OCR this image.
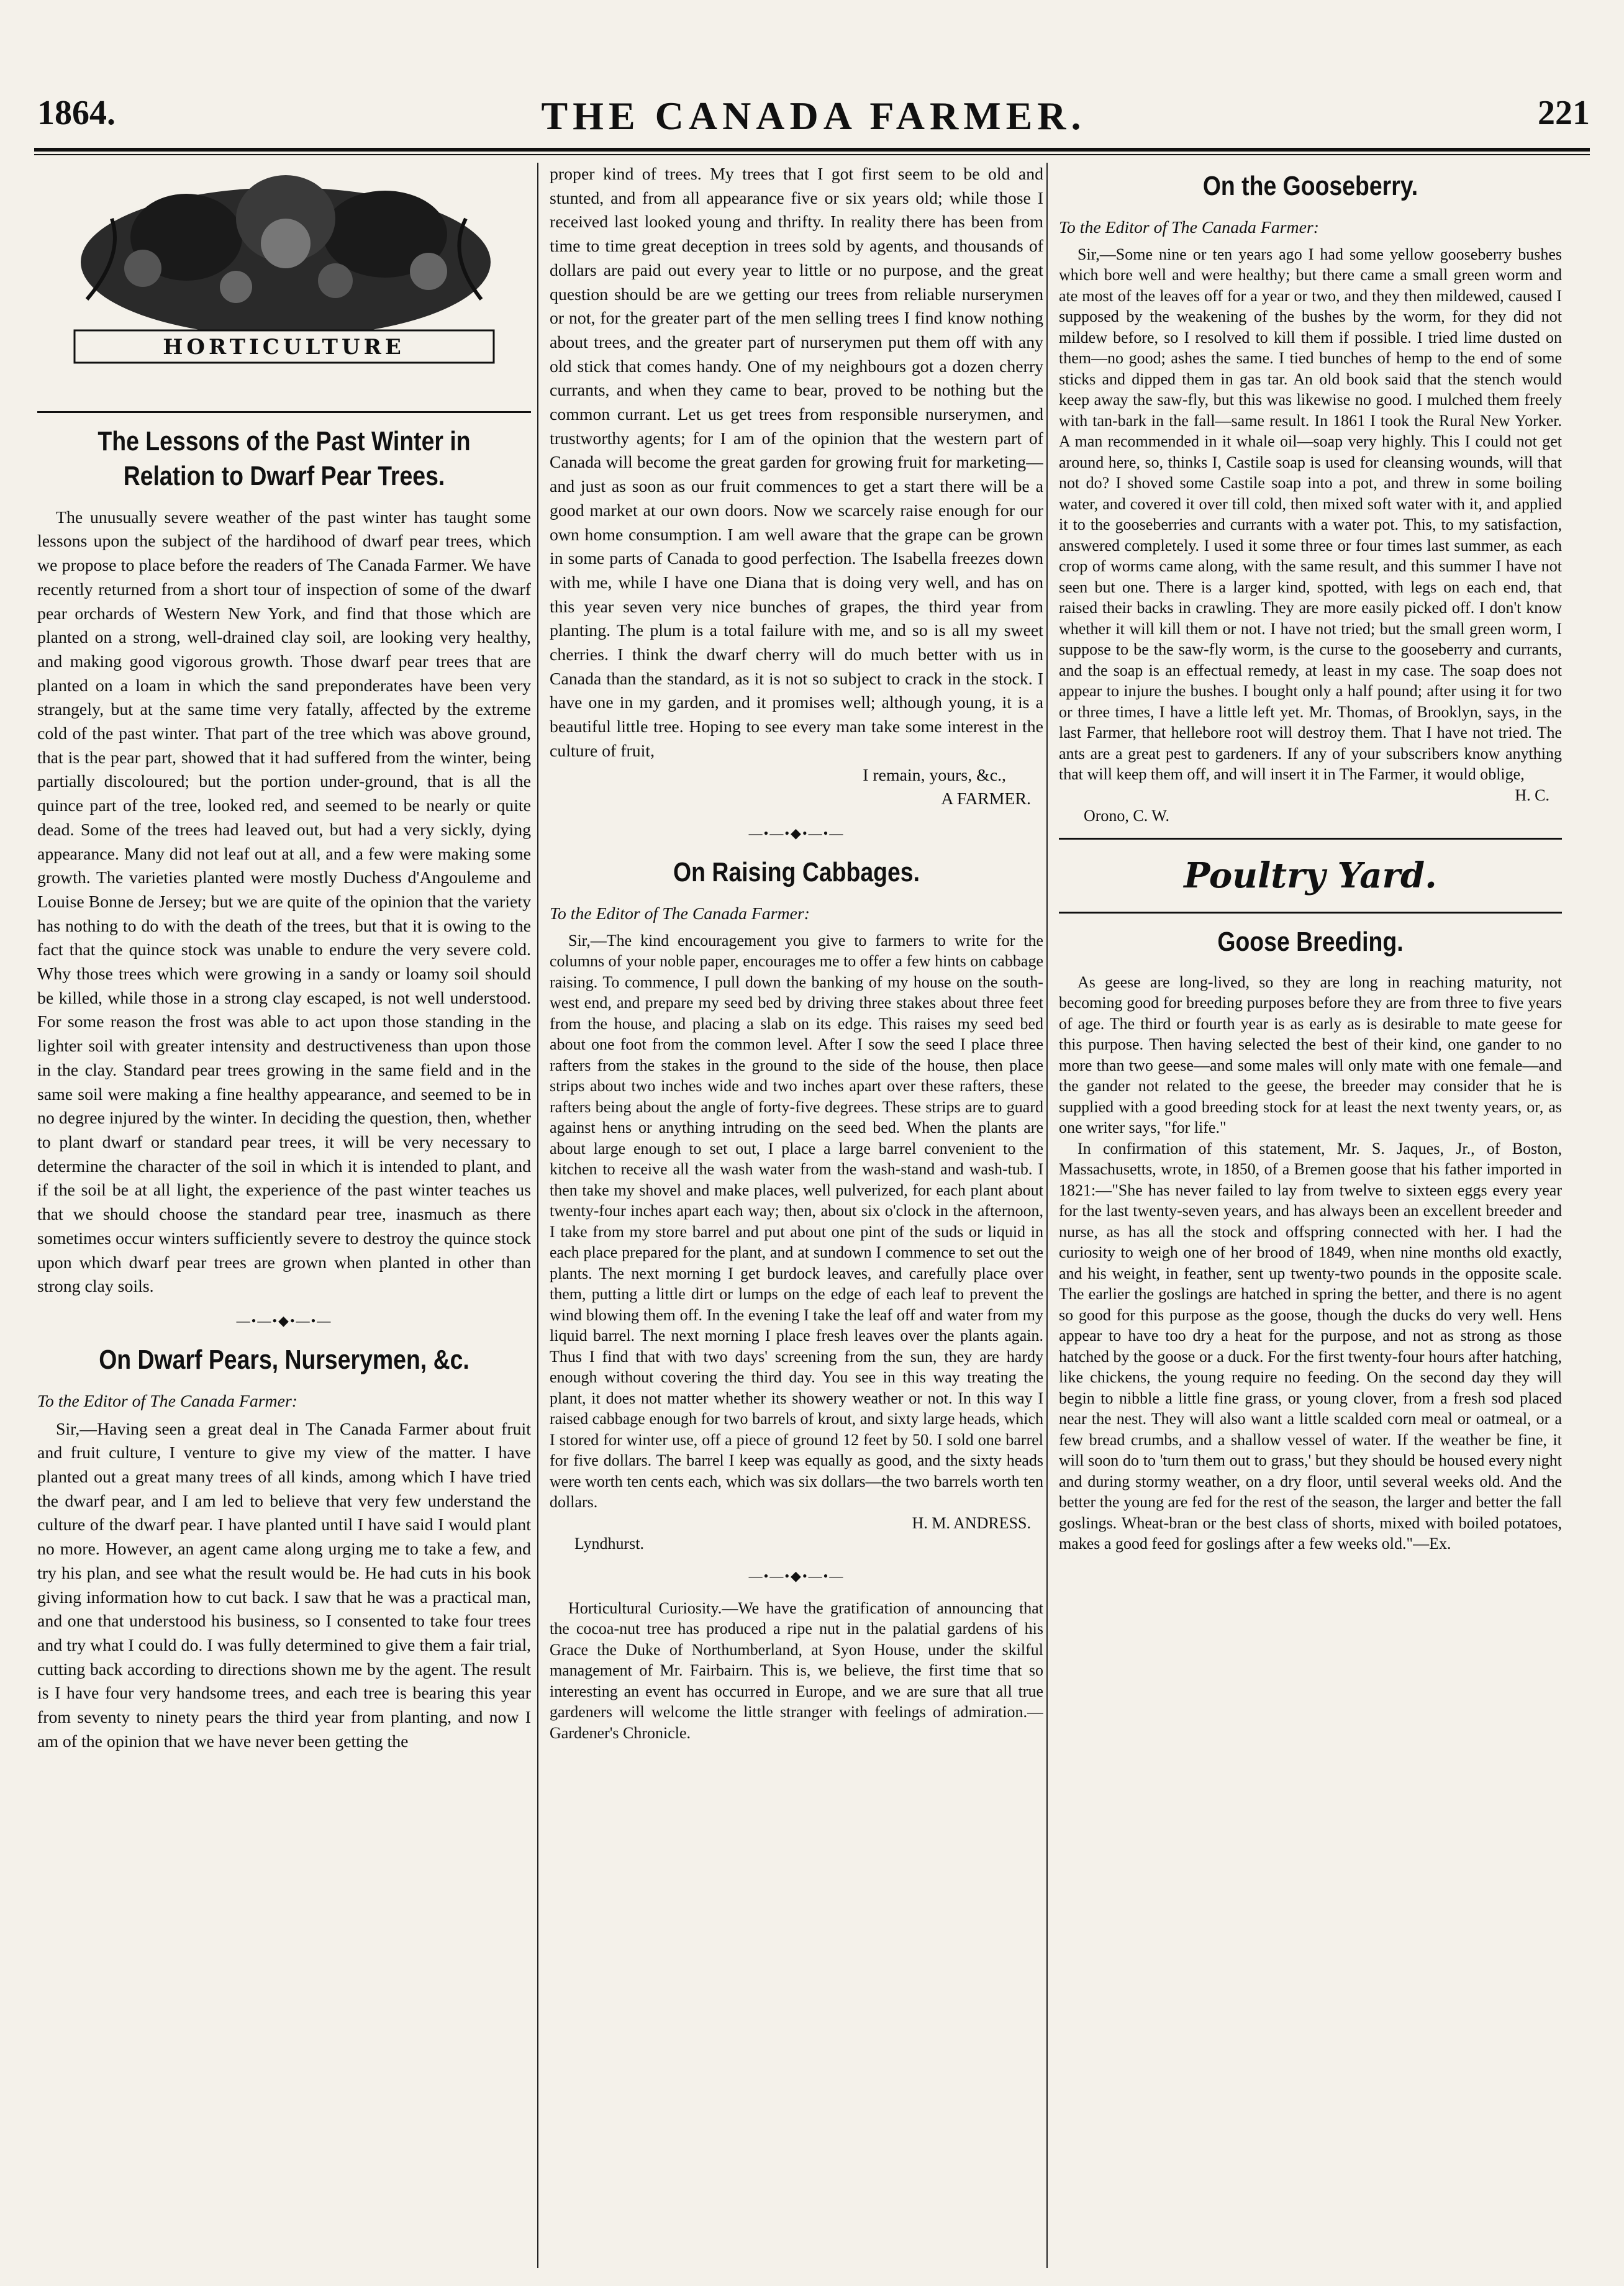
1864.	THE CANADA FARMER.	221
HORTICULTURE
The Lessons of the Past Winter in Relation to Dwarf Pear Trees.

The unusually severe weather of the past winter has taught some lessons upon the subject of the hardihood of dwarf pear trees, which we propose to place before the readers of The Canada Farmer. We have recently returned from a short tour of inspection of some of the dwarf pear orchards of Western New York, and find that those which are planted on a strong, well-drained clay soil, are looking very healthy, and making good vigorous growth. Those dwarf pear trees that are planted on a loam in which the sand preponderates have been very strangely, but at the same time very fatally, affected by the extreme cold of the past winter. That part of the tree which was above ground, that is the pear part, showed that it had suffered from the winter, being partially discoloured; but the portion under-ground, that is all the quince part of the tree, looked red, and seemed to be nearly or quite dead. Some of the trees had leaved out, but had a very sickly, dying appearance. Many did not leaf out at all, and a few were making some growth. The varieties planted were mostly Duchess d'Angouleme and Louise Bonne de Jersey; but we are quite of the opinion that the variety has nothing to do with the death of the trees, but that it is owing to the fact that the quince stock was unable to endure the very severe cold. Why those trees which were growing in a sandy or loamy soil should be killed, while those in a strong clay escaped, is not well understood. For some reason the frost was able to act upon those standing in the lighter soil with greater intensity and destructiveness than upon those in the clay. Standard pear trees growing in the same field and in the same soil were making a fine healthy appearance, and seemed to be in no degree injured by the winter. In deciding the question, then, whether to plant dwarf or standard pear trees, it will be very necessary to determine the character of the soil in which it is intended to plant, and if the soil be at all light, the experience of the past winter teaches us that we should choose the standard pear tree, inasmuch as there sometimes occur winters sufficiently severe to destroy the quince stock upon which dwarf pear trees are grown when planted in other than strong clay soils.

—•—•◆•—•—
On Dwarf Pears, Nurserymen, &c.

To the Editor of The Canada Farmer:

Sir,—Having seen a great deal in The Canada Farmer about fruit and fruit culture, I venture to give my view of the matter. I have planted out a great many trees of all kinds, among which I have tried the dwarf pear, and I am led to believe that very few understand the culture of the dwarf pear. I have planted until I have said I would plant no more. However, an agent came along urging me to take a few, and try his plan, and see what the result would be. He had cuts in his book giving information how to cut back. I saw that he was a practical man, and one that understood his business, so I consented to take four trees and try what I could do. I was fully determined to give them a fair trial, cutting back according to directions shown me by the agent. The result is I have four very handsome trees, and each tree is bearing this year from seventy to ninety pears the third year from planting, and now I am of the opinion that we have never been getting the

proper kind of trees. My trees that I got first seem to be old and stunted, and from all appearance five or six years old; while those I received last looked young and thrifty. In reality there has been from time to time great deception in trees sold by agents, and thousands of dollars are paid out every year to little or no purpose, and the great question should be are we getting our trees from reliable nurserymen or not, for the greater part of the men selling trees I find know nothing about trees, and the greater part of nurserymen put them off with any old stick that comes handy. One of my neighbours got a dozen cherry currants, and when they came to bear, proved to be nothing but the common currant. Let us get trees from responsible nurserymen, and trustworthy agents; for I am of the opinion that the western part of Canada will become the great garden for growing fruit for marketing—and just as soon as our fruit commences to get a start there will be a good market at our own doors. Now we scarcely raise enough for our own home consumption. I am well aware that the grape can be grown in some parts of Canada to good perfection. The Isabella freezes down with me, while I have one Diana that is doing very well, and has on this year seven very nice bunches of grapes, the third year from planting. The plum is a total failure with me, and so is all my sweet cherries. I think the dwarf cherry will do much better with us in Canada than the standard, as it is not so subject to crack in the stock. I have one in my garden, and it promises well; although young, it is a beautiful little tree. Hoping to see every man take some interest in the culture of fruit,

I remain, yours, &c.,

A FARMER.

—•—•◆•—•—
On Raising Cabbages.

To the Editor of The Canada Farmer:

Sir,—The kind encouragement you give to farmers to write for the columns of your noble paper, encourages me to offer a few hints on cabbage raising. To commence, I pull down the banking of my house on the south-west end, and prepare my seed bed by driving three stakes about three feet from the house, and placing a slab on its edge. This raises my seed bed about one foot from the common level. After I sow the seed I place three rafters from the stakes in the ground to the side of the house, then place strips about two inches wide and two inches apart over these rafters, these rafters being about the angle of forty-five degrees. These strips are to guard against hens or anything intruding on the seed bed. When the plants are about large enough to set out, I place a large barrel convenient to the kitchen to receive all the wash water from the wash-stand and wash-tub. I then take my shovel and make places, well pulverized, for each plant about twenty-four inches apart each way; then, about six o'clock in the afternoon, I take from my store barrel and put about one pint of the suds or liquid in each place prepared for the plant, and at sundown I commence to set out the plants. The next morning I get burdock leaves, and carefully place over them, putting a little dirt or lumps on the edge of each leaf to prevent the wind blowing them off. In the evening I take the leaf off and water from my liquid barrel. The next morning I place fresh leaves over the plants again. Thus I find that with two days' screening from the sun, they are hardy enough without covering the third day. You see in this way treating the plant, it does not matter whether its showery weather or not. In this way I raised cabbage enough for two barrels of krout, and sixty large heads, which I stored for winter use, off a piece of ground 12 feet by 50. I sold one barrel for five dollars. The barrel I keep was equally as good, and the sixty heads were worth ten cents each, which was six dollars—the two barrels worth ten dollars.

H. M. ANDRESS.

Lyndhurst.

—•—•◆•—•—

Horticultural Curiosity.—We have the gratification of announcing that the cocoa-nut tree has produced a ripe nut in the palatial gardens of his Grace the Duke of Northumberland, at Syon House, under the skilful management of Mr. Fairbairn. This is, we believe, the first time that so interesting an event has occurred in Europe, and we are sure that all true gardeners will welcome the little stranger with feelings of admiration.—Gardener's Chronicle.

On the Gooseberry.

To the Editor of The Canada Farmer:

Sir,—Some nine or ten years ago I had some yellow gooseberry bushes which bore well and were healthy; but there came a small green worm and ate most of the leaves off for a year or two, and they then mildewed, caused I supposed by the weakening of the bushes by the worm, for they did not mildew before, so I resolved to kill them if possible. I tried lime dusted on them—no good; ashes the same. I tied bunches of hemp to the end of some sticks and dipped them in gas tar. An old book said that the stench would keep away the saw-fly, but this was likewise no good. I mulched them freely with tan-bark in the fall—same result. In 1861 I took the Rural New Yorker. A man recommended in it whale oil—soap very highly. This I could not get around here, so, thinks I, Castile soap is used for cleansing wounds, will that not do? I shoved some Castile soap into a pot, and threw in some boiling water, and covered it over till cold, then mixed soft water with it, and applied it to the gooseberries and currants with a water pot. This, to my satisfaction, answered completely. I used it some three or four times last summer, as each crop of worms came along, with the same result, and this summer I have not seen but one. There is a larger kind, spotted, with legs on each end, that raised their backs in crawling. They are more easily picked off. I don't know whether it will kill them or not. I have not tried; but the small green worm, I suppose to be the saw-fly worm, is the curse to the gooseberry and currants, and the soap is an effectual remedy, at least in my case. The soap does not appear to injure the bushes. I bought only a half pound; after using it for two or three times, I have a little left yet. Mr. Thomas, of Brooklyn, says, in the last Farmer, that hellebore root will destroy them. That I have not tried. The ants are a great pest to gardeners. If any of your subscribers know anything that will keep them off, and will insert it in The Farmer, it would oblige,

H. C.

Orono, C. W.

Poultry Yard.
Goose Breeding.

As geese are long-lived, so they are long in reaching maturity, not becoming good for breeding purposes before they are from three to five years of age. The third or fourth year is as early as is desirable to mate geese for this purpose. Then having selected the best of their kind, one gander to no more than two geese—and some males will only mate with one female—and the gander not related to the geese, the breeder may consider that he is supplied with a good breeding stock for at least the next twenty years, or, as one writer says, "for life."

In confirmation of this statement, Mr. S. Jaques, Jr., of Boston, Massachusetts, wrote, in 1850, of a Bremen goose that his father imported in 1821:—"She has never failed to lay from twelve to sixteen eggs every year for the last twenty-seven years, and has always been an excellent breeder and nurse, as has all the stock and offspring connected with her. I had the curiosity to weigh one of her brood of 1849, when nine months old exactly, and his weight, in feather, sent up twenty-two pounds in the opposite scale. The earlier the goslings are hatched in spring the better, and there is no agent so good for this purpose as the goose, though the ducks do very well. Hens appear to have too dry a heat for the purpose, and not as strong as those hatched by the goose or a duck. For the first twenty-four hours after hatching, like chickens, the young require no feeding. On the second day they will begin to nibble a little fine grass, or young clover, from a fresh sod placed near the nest. They will also want a little scalded corn meal or oatmeal, or a few bread crumbs, and a shallow vessel of water. If the weather be fine, it will soon do to 'turn them out to grass,' but they should be housed every night and during stormy weather, on a dry floor, until several weeks old. And the better the young are fed for the rest of the season, the larger and better the fall goslings. Wheat-bran or the best class of shorts, mixed with boiled potatoes, makes a good feed for goslings after a few weeks old."—Ex.
